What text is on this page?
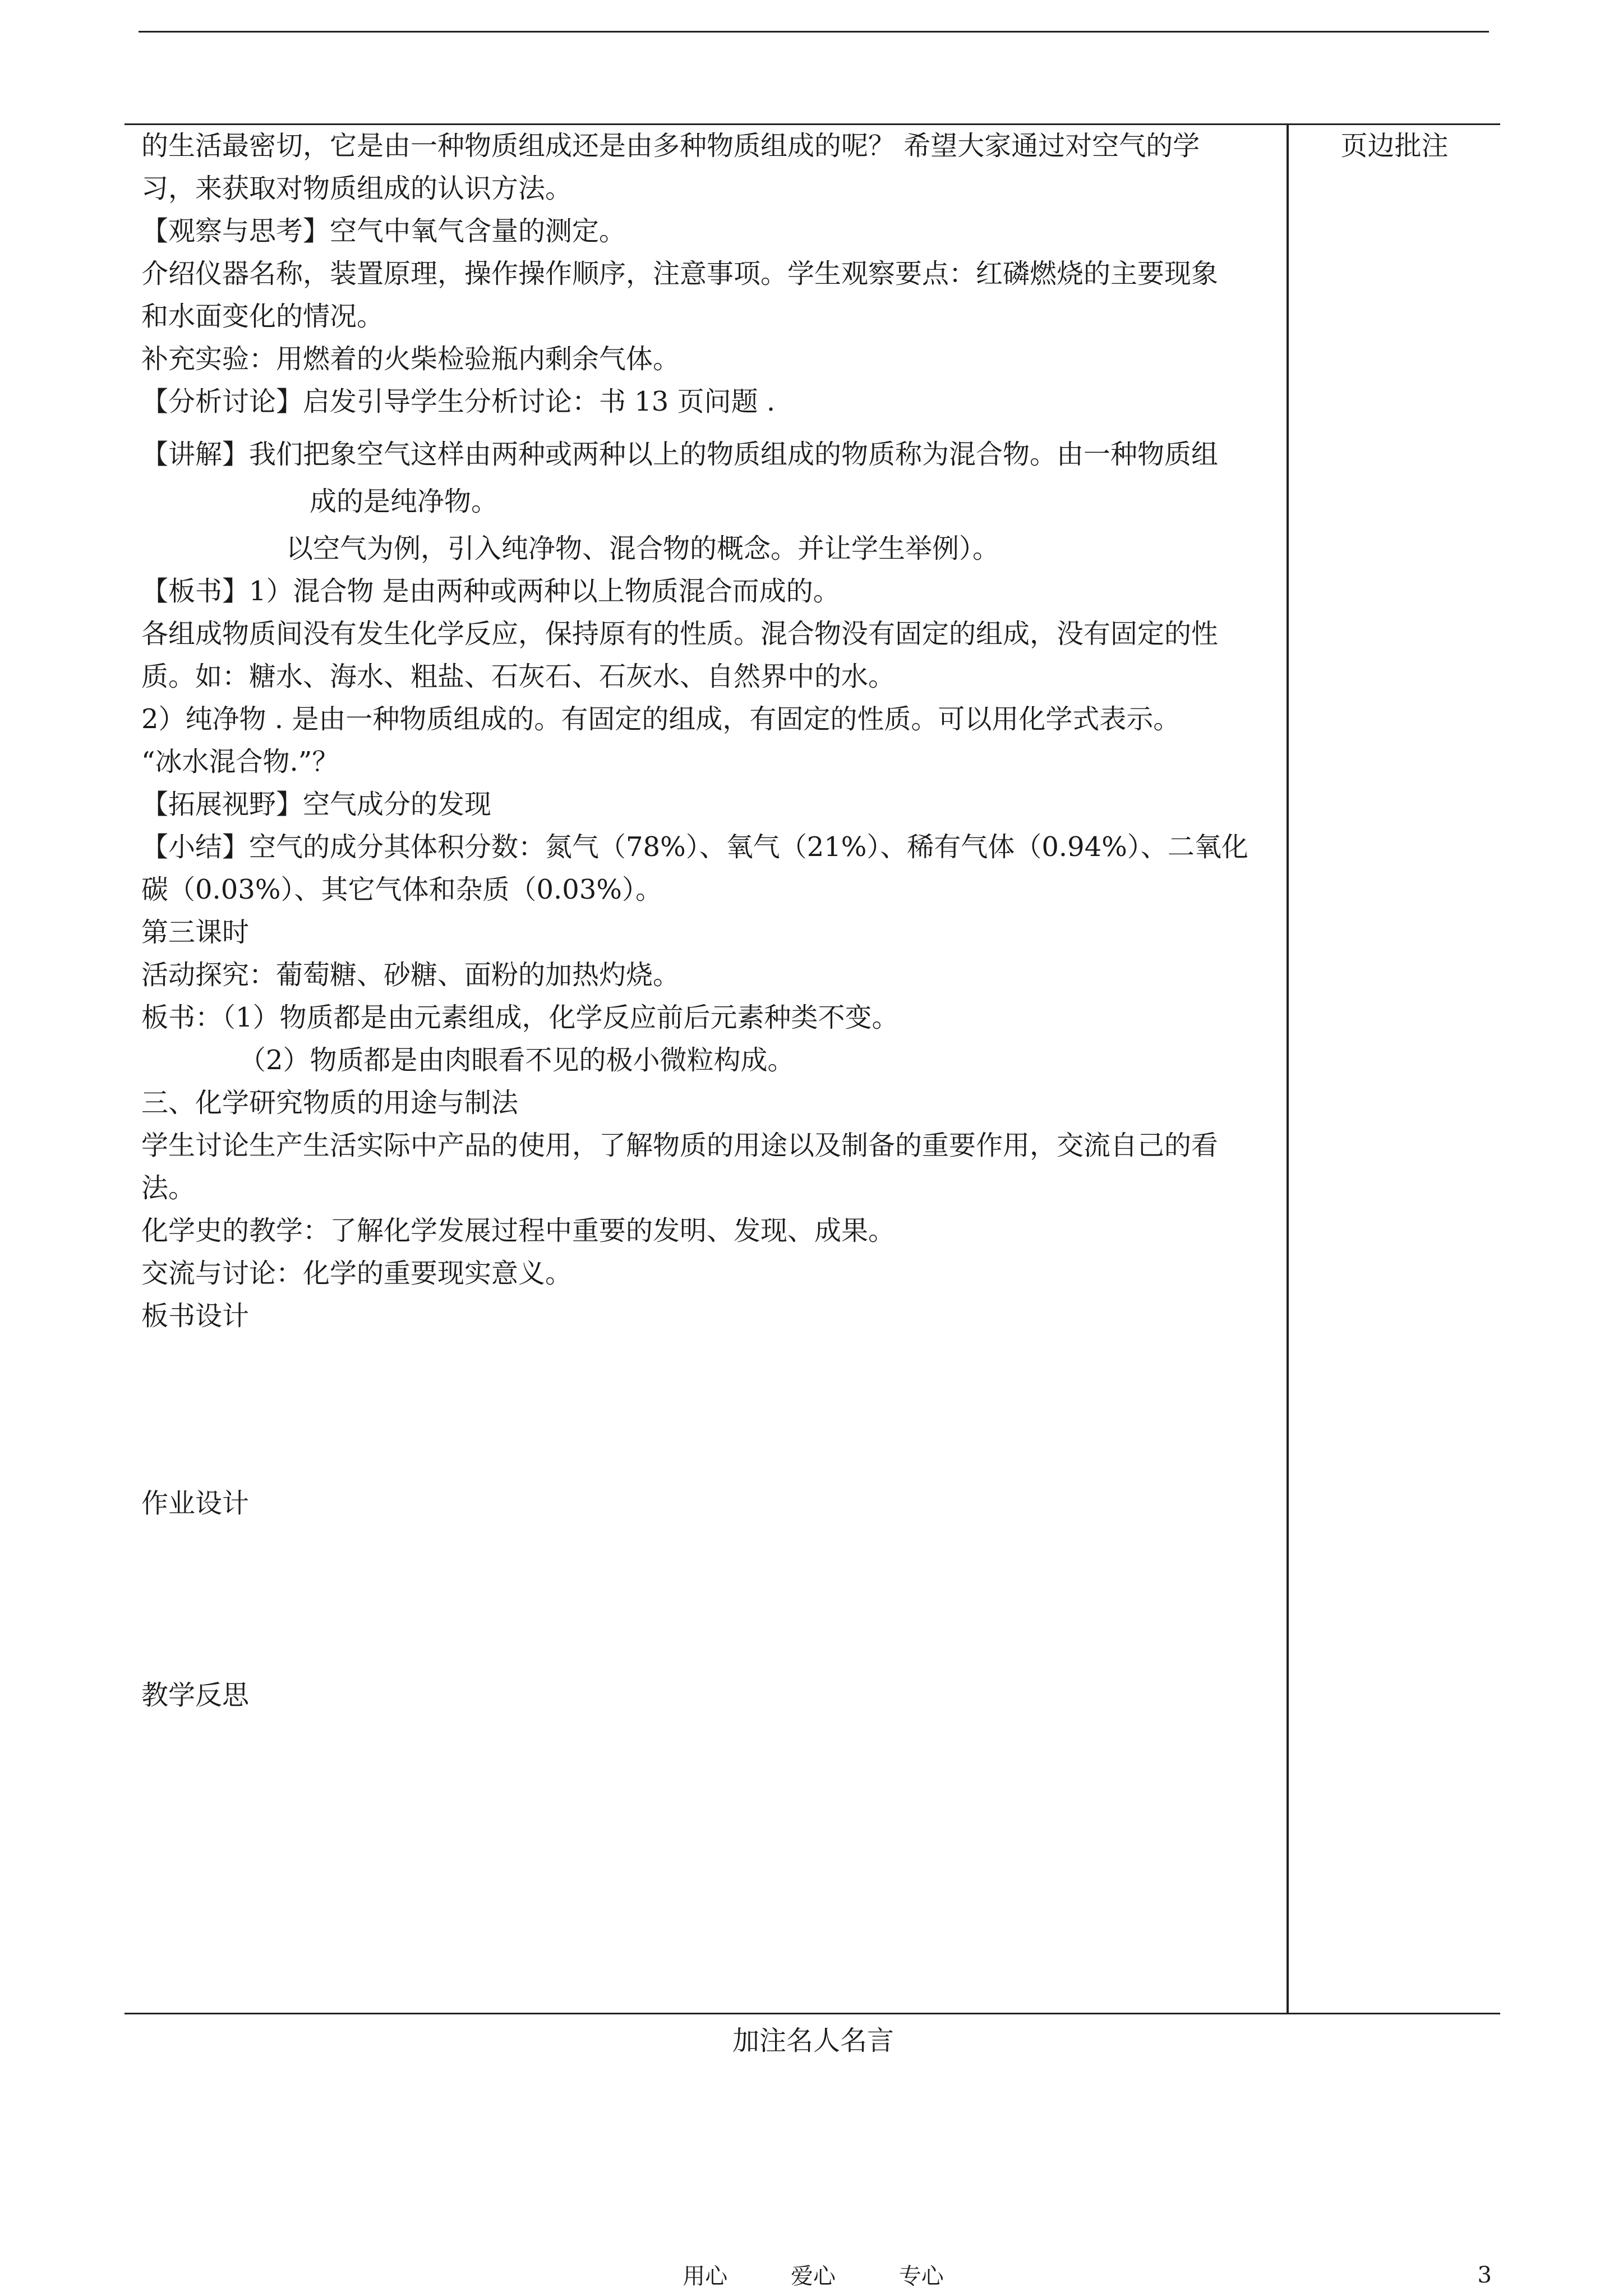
的生活最密切，它是由一种物质组成还是由多种物质组成的呢？ 希望大家通过对空气的学

习，来获取对物质组成的认识方法。

【观察与思考】空气中氧气含量的测定。

介绍仪器名称，装置原理，操作操作顺序，注意事项。学生观察要点：红磷燃烧的主要现象

和水面变化的情况。

补充实验：用燃着的火柴检验瓶内剩余气体。

【分析讨论】启发引导学生分析讨论：书 13 页问题 .

【讲解】我们把象空气这样由两种或两种以上的物质组成的物质称为混合物。由一种物质组

成的是纯净物。

以空气为例，引入纯净物、混合物的概念。并让学生举例）。

【板书】1）混合物 是由两种或两种以上物质混合而成的。

各组成物质间没有发生化学反应，保持原有的性质。混合物没有固定的组成，没有固定的性

质。如：糖水、海水、粗盐、石灰石、石灰水、自然界中的水。

2）纯净物 . 是由一种物质组成的。有固定的组成，有固定的性质。可以用化学式表示。

“冰水混合物.”？

【拓展视野】空气成分的发现

【小结】空气的成分其体积分数：氮气（78%）、氧气（21%）、稀有气体（0.94%）、二氧化

碳（0.03%）、其它气体和杂质（0.03%）。

第三课时

活动探究：葡萄糖、砂糖、面粉的加热灼烧。

板书：（1）物质都是由元素组成，化学反应前后元素种类不变。

（2）物质都是由肉眼看不见的极小微粒构成。

三、化学研究物质的用途与制法

学生讨论生产生活实际中产品的使用，了解物质的用途以及制备的重要作用，交流自己的看

法。

化学史的教学：了解化学发展过程中重要的发明、发现、成果。

交流与讨论：化学的重要现实意义。

板书设计

作业设计

教学反思

页边批注
加注名人名言
用心	爱心	专心	3
